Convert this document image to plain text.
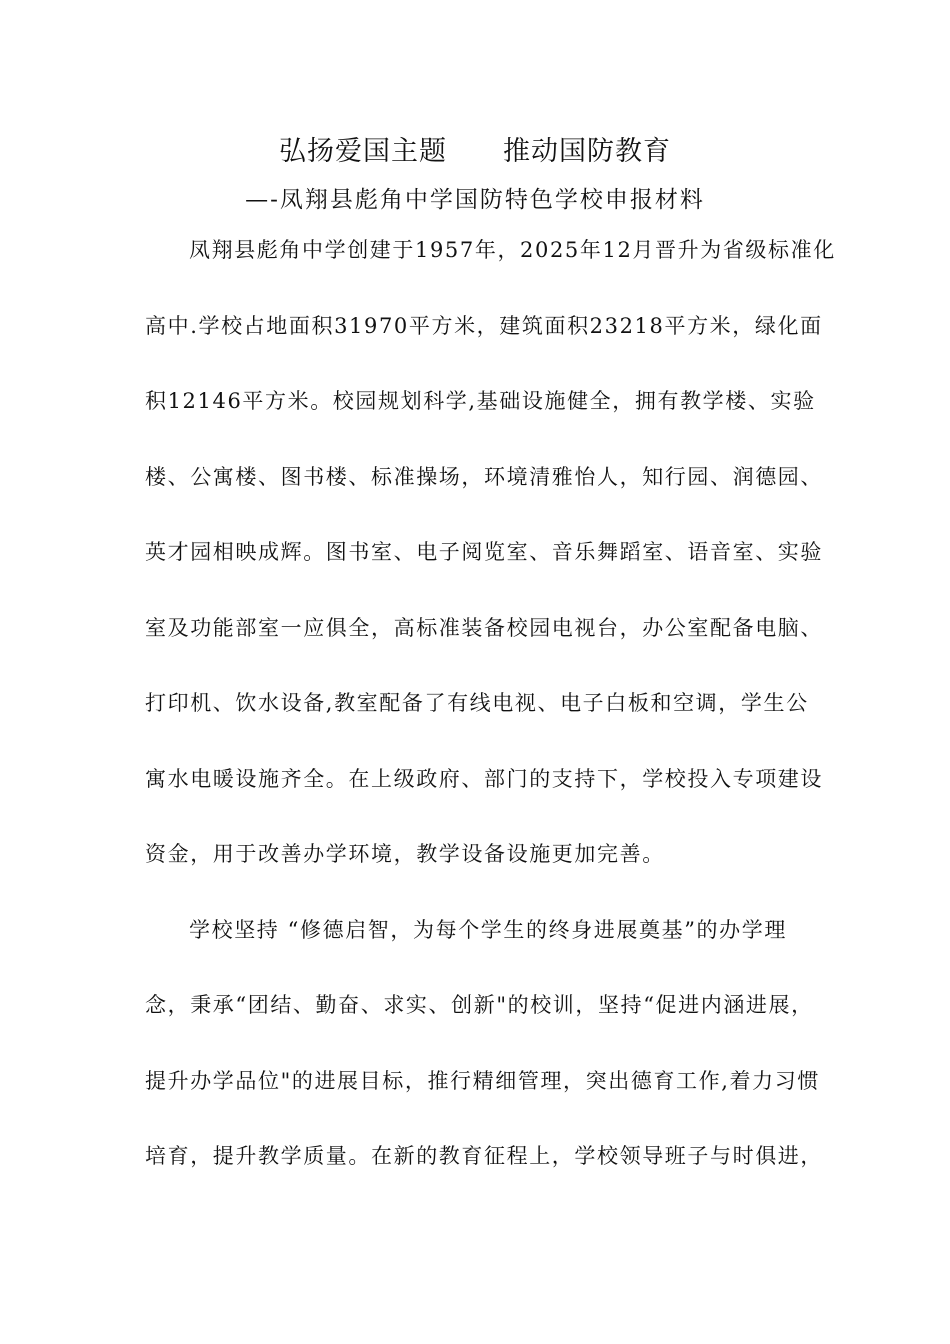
弘扬爱国主题　　推动国防教育
—-凤翔县彪角中学国防特色学校申报材料
凤翔县彪角中学创建于1957年，2025年12月晋升为省级标准化
高中.学校占地面积31970平方米，建筑面积23218平方米，绿化面
积12146平方米。校园规划科学,基础设施健全，拥有教学楼、实验
楼、公寓楼、图书楼、标准操场，环境清雅怡人，知行园、润德园、
英才园相映成辉。图书室、电子阅览室、音乐舞蹈室、语音室、实验
室及功能部室一应俱全，高标准装备校园电视台，办公室配备电脑、
打印机、饮水设备,教室配备了有线电视、电子白板和空调，学生公
寓水电暖设施齐全。在上级政府、部门的支持下，学校投入专项建设
资金，用于改善办学环境，教学设备设施更加完善。
学校坚持 “修德启智，为每个学生的终身进展奠基”的办学理
念，秉承“团结、勤奋、求实、创新"的校训，坚持“促进内涵进展，
提升办学品位"的进展目标，推行精细管理，突出德育工作,着力习惯
培育，提升教学质量。在新的教育征程上，学校领导班子与时俱进，
